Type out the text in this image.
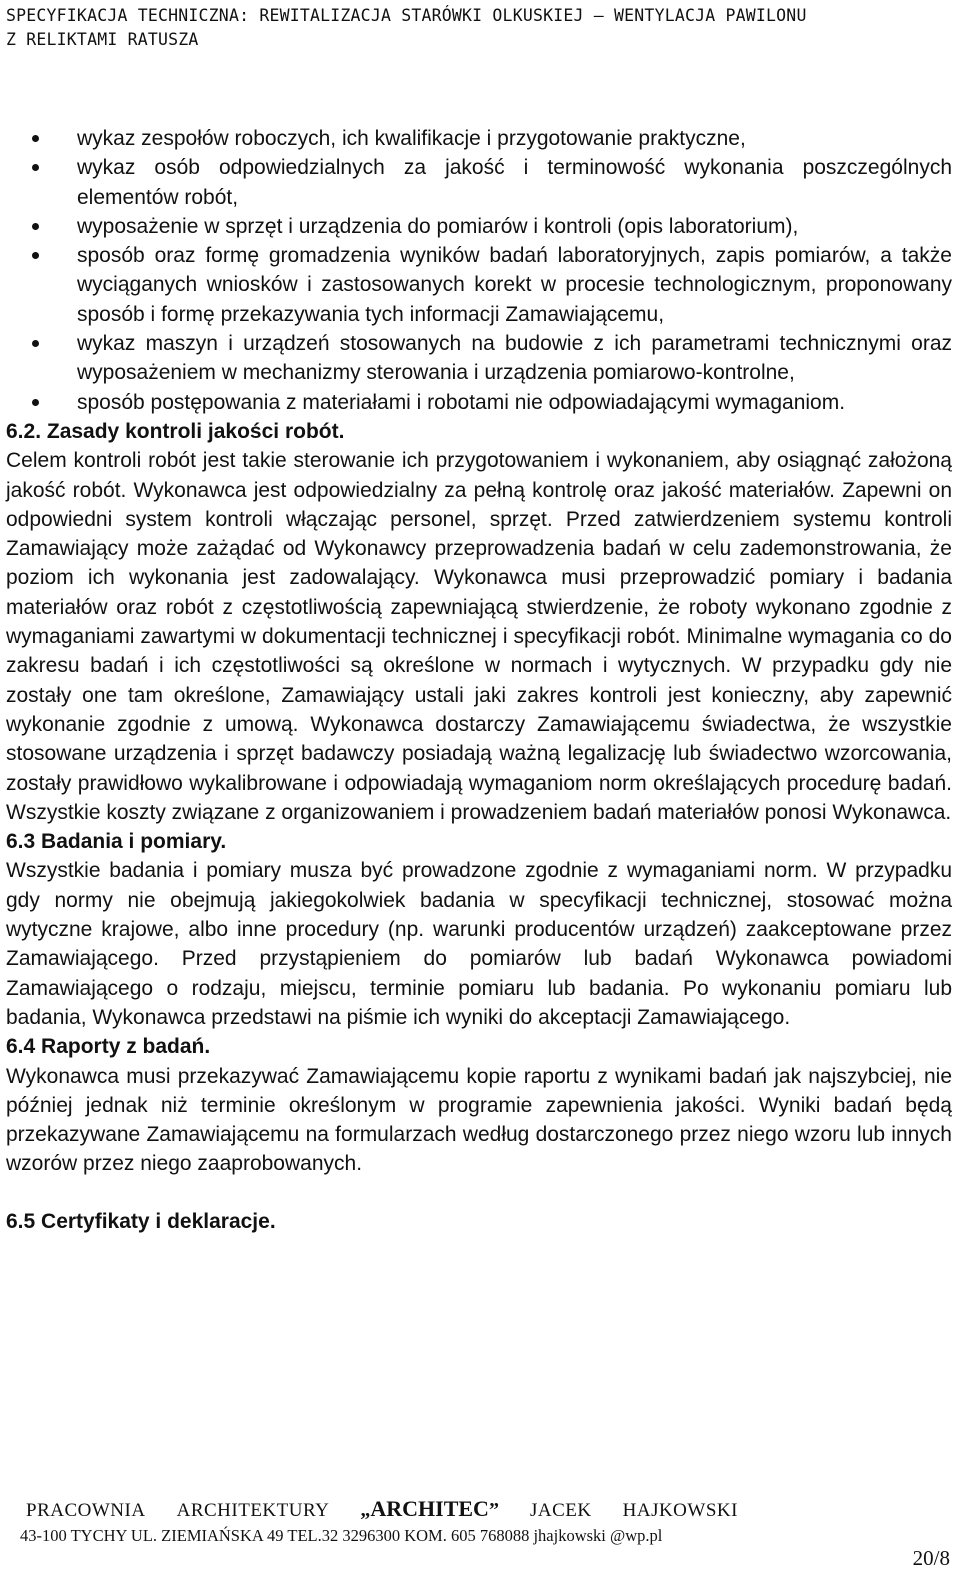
SPECYFIKACJA TECHNICZNA: REWITALIZACJA STARÓWKI OLKUSKIEJ – WENTYLACJA PAWILONU
Z RELIKTAMI RATUSZA
wykaz zespołów roboczych, ich kwalifikacje i przygotowanie praktyczne,
wykaz osób odpowiedzialnych za jakość i terminowość wykonania poszczególnych elementów robót,
wyposażenie w sprzęt i urządzenia do pomiarów i kontroli (opis laboratorium),
sposób oraz formę gromadzenia wyników badań laboratoryjnych, zapis pomiarów, a także wyciąganych wniosków i zastosowanych korekt w procesie technologicznym, proponowany sposób i formę przekazywania tych informacji Zamawiającemu,
wykaz maszyn i urządzeń stosowanych na budowie z ich parametrami technicznymi oraz wyposażeniem w mechanizmy sterowania i urządzenia pomiarowo-kontrolne,
sposób postępowania z materiałami i robotami nie odpowiadającymi wymaganiom.

6.2. Zasady kontroli jakości robót.

Celem kontroli robót jest takie sterowanie ich przygotowaniem i wykonaniem, aby osiągnąć założoną jakość robót. Wykonawca jest odpowiedzialny za pełną kontrolę oraz jakość materiałów. Zapewni on odpowiedni system kontroli włączając personel, sprzęt. Przed zatwierdzeniem systemu kontroli Zamawiający może zażądać od Wykonawcy przeprowadzenia badań w celu zademonstrowania, że poziom ich wykonania jest zadowalający. Wykonawca musi przeprowadzić pomiary i badania materiałów oraz robót z częstotliwością zapewniającą stwierdzenie, że roboty wykonano zgodnie z wymaganiami zawartymi w dokumentacji technicznej i specyfikacji robót. Minimalne wymagania co do zakresu badań i ich częstotliwości są określone w normach i wytycznych. W przypadku gdy nie zostały one tam określone, Zamawiający ustali jaki zakres kontroli jest konieczny, aby zapewnić wykonanie zgodnie z umową. Wykonawca dostarczy Zamawiającemu świadectwa, że wszystkie stosowane urządzenia i sprzęt badawczy posiadają ważną legalizację lub świadectwo wzorcowania, zostały prawidłowo wykalibrowane i odpowiadają wymaganiom norm określających procedurę badań. Wszystkie koszty związane z organizowaniem i prowadzeniem badań materiałów ponosi Wykonawca.

6.3 Badania i pomiary.

Wszystkie badania i pomiary musza być prowadzone zgodnie z wymaganiami norm. W przypadku gdy normy nie obejmują jakiegokolwiek badania w specyfikacji technicznej, stosować można wytyczne krajowe, albo inne procedury (np. warunki producentów urządzeń) zaakceptowane przez Zamawiającego. Przed przystąpieniem do pomiarów lub badań Wykonawca powiadomi Zamawiającego o rodzaju, miejscu, terminie pomiaru lub badania. Po wykonaniu pomiaru lub badania, Wykonawca przedstawi na piśmie ich wyniki do akceptacji Zamawiającego.

6.4 Raporty z badań.

Wykonawca musi przekazywać Zamawiającemu kopie raportu z wynikami badań jak najszybciej, nie później jednak niż terminie określonym w programie zapewnienia jakości. Wyniki badań będą przekazywane Zamawiającemu na formularzach według dostarczonego przez niego wzoru lub innych wzorów przez niego zaaprobowanych.

6.5 Certyfikaty i deklaracje.

PRACOWNIA ARCHITEKTURY „ARCHITEC” JACEK HAJKOWSKI
43-100 TYCHY UL. ZIEMIAŃSKA 49 TEL.32 3296300 KOM. 605 768088 jhajkowski @wp.pl
20/8
